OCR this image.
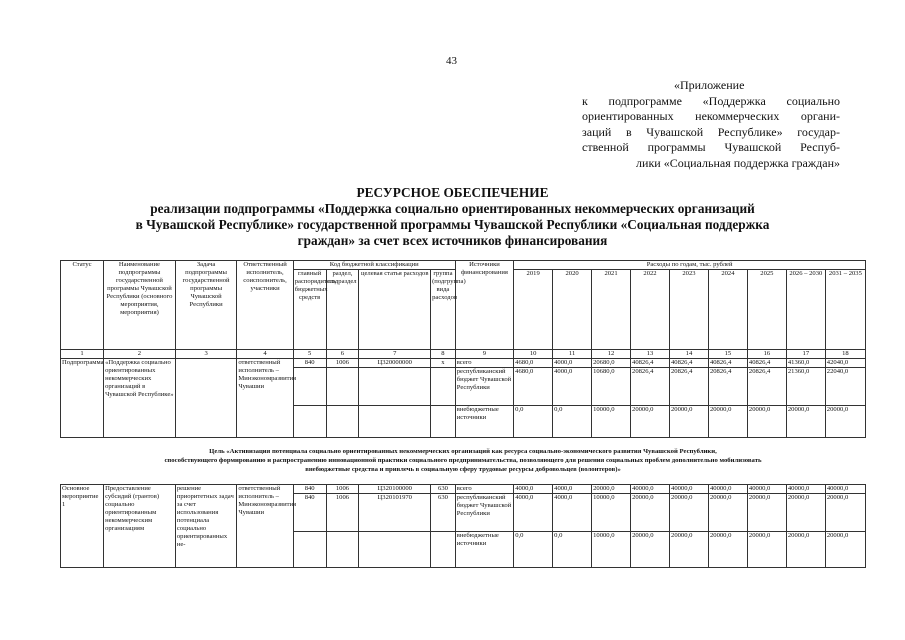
43
«Приложение
к подпрограмме «Поддержка социально
ориентированных некоммерческих органи-
заций в Чувашской Республике» государ-
ственной программы Чувашской Респуб-
лики «Социальная поддержка граждан»
РЕСУРСНОЕ ОБЕСПЕЧЕНИЕ
реализации подпрограммы «Поддержка социально ориентированных некоммерческих организаций
в Чувашской Республике» государственной программы Чувашской Республики «Социальная поддержка
граждан» за счет всех источников финансирования
Статус	Наименование подпрограммы государственной программы Чувашской Республики (основного мероприятия, мероприятия)	Задача подпрограммы государственной программы Чувашской Республики	Ответственный исполнитель, соисполнитель, участники	Код бюджетной классификации				Источники финансирования	Расходы по годам, тыс. рублей								
				главный распорядитель бюджетных средств	раздел, подраздел	целевая статья расходов	группа (подгруппа) вида расходов		2019	2020	2021	2022	2023	2024	2025	2026 – 2030	2031 – 2035
1	2	3	4	5	6	7	8	9	10	11	12	13	14	15	16	17	18
Подпрограмма	«Поддержка социально ориентированных некоммерческих организаций в Чувашской Республике»		ответственный исполнитель – Минэкономразвития Чувашии	840	1006	Ц320000000	х	всего	4680,0	4000,0	20680,0	40826,4	40826,4	40826,4	40826,4	41360,0	42040,0
								республиканский бюджет Чувашской Республики	4680,0	4000,0	10680,0	20826,4	20826,4	20826,4	20826,4	21360,0	22040,0
								внебюджетные источники	0,0	0,0	10000,0	20000,0	20000,0	20000,0	20000,0	20000,0	20000,0
Цель «Активизация потенциала социально ориентированных некоммерческих организаций как ресурса социально-экономического развития Чувашской Республики,
способствующего формированию и распространению инновационной практики социального предпринимательства, позволяющего для решения социальных проблем дополнительно мобилизовать
внебюджетные средства и привлечь в социальную сферу трудовые ресурсы добровольцев (волонтеров)»
Основное мероприятие 1	Предоставление субсидий (грантов) социально ориентированным некоммерческим организациям	решение приоритетных задач за счет использования потенциала социально ориентированных не-	ответственный исполнитель – Минэкономразвития Чувашии	840	1006	Ц320100000	630	всего	4000,0	4000,0	20000,0	40000,0	40000,0	40000,0	40000,0	40000,0	40000,0
				840	1006	Ц320101970	630	республиканский бюджет Чувашской Республики	4000,0	4000,0	10000,0	20000,0	20000,0	20000,0	20000,0	20000,0	20000,0
								внебюджетные источники	0,0	0,0	10000,0	20000,0	20000,0	20000,0	20000,0	20000,0	20000,0
